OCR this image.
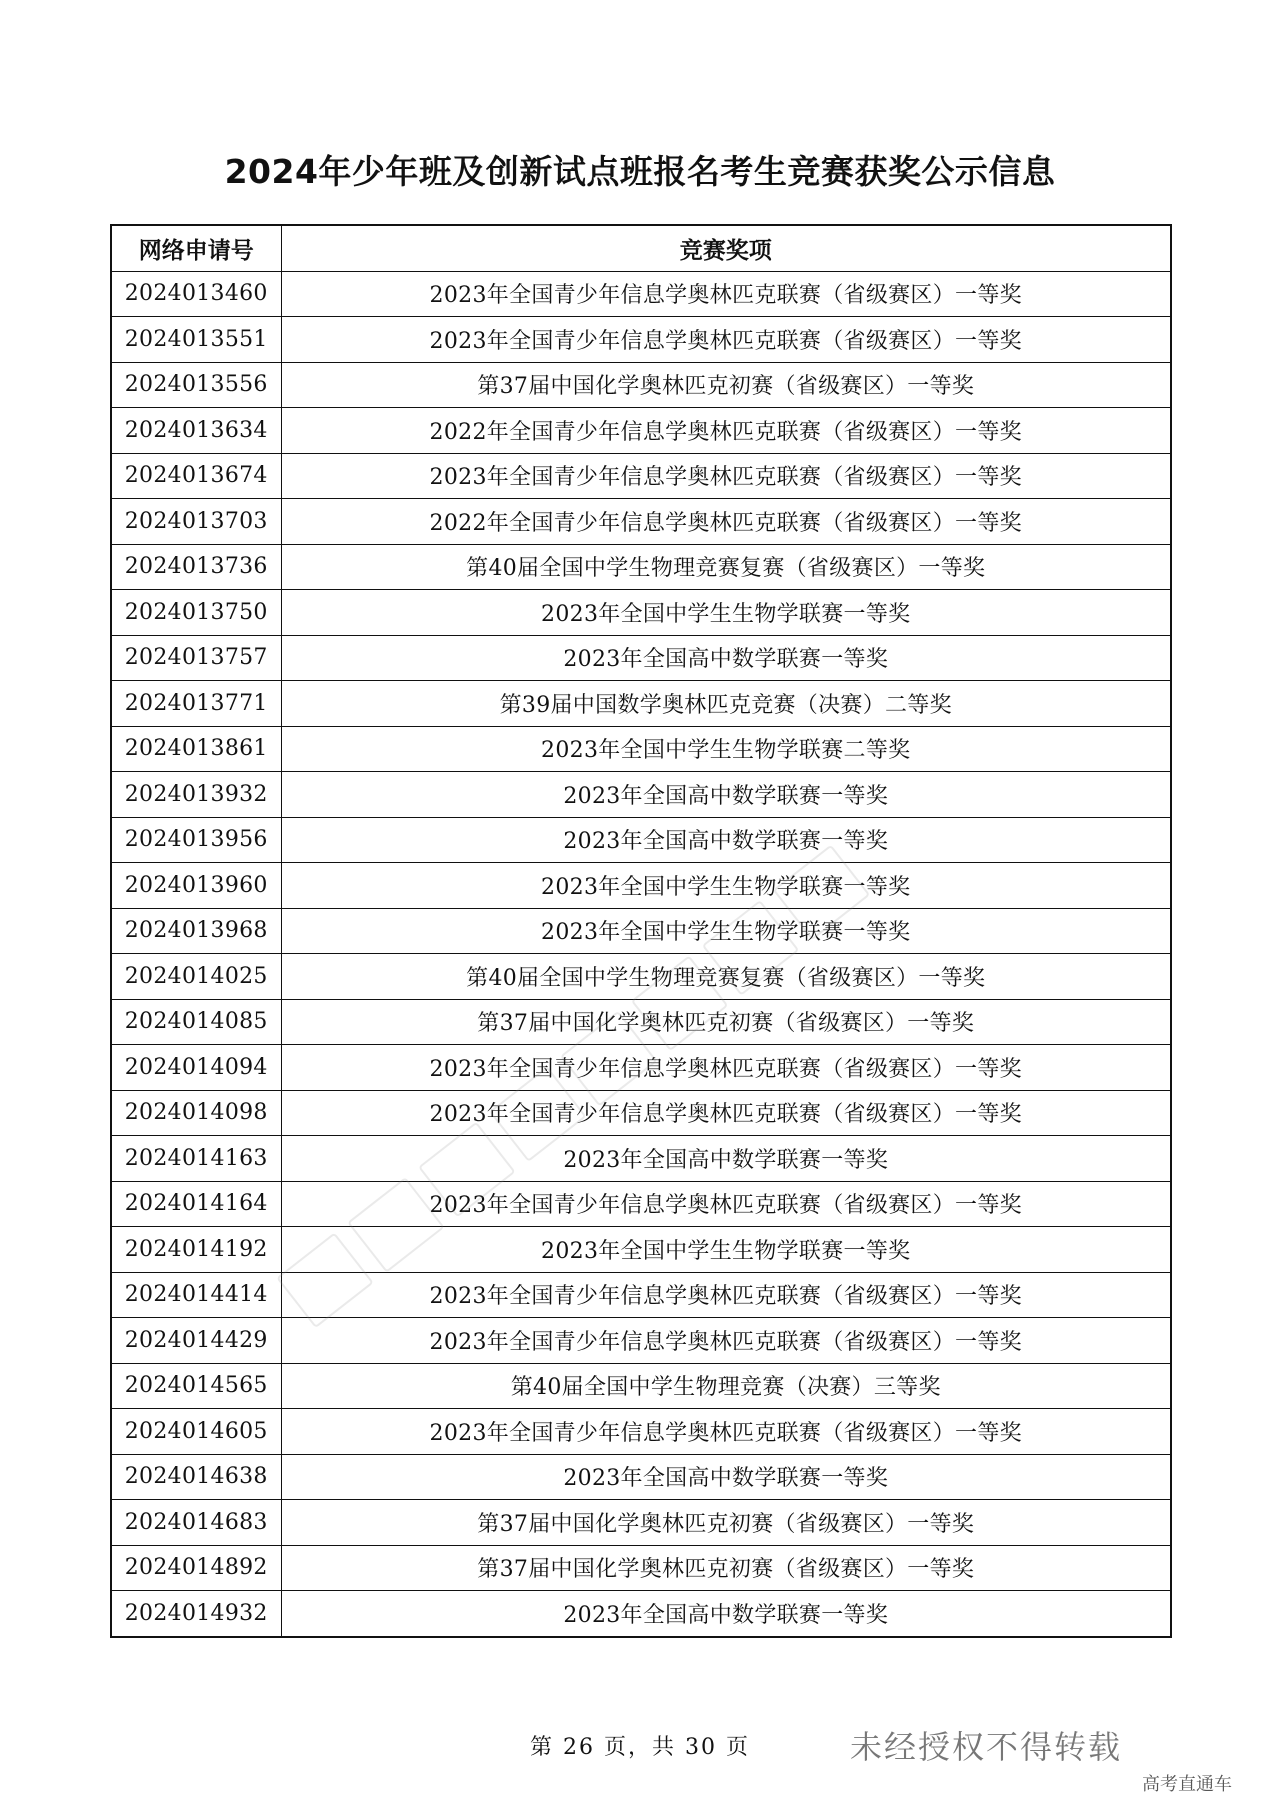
2024年少年班及创新试点班报名考生竞赛获奖公示信息
网络申请号	竞赛奖项
2024013460	2023年全国青少年信息学奥林匹克联赛（省级赛区）一等奖
2024013551	2023年全国青少年信息学奥林匹克联赛（省级赛区）一等奖
2024013556	第37届中国化学奥林匹克初赛（省级赛区）一等奖
2024013634	2022年全国青少年信息学奥林匹克联赛（省级赛区）一等奖
2024013674	2023年全国青少年信息学奥林匹克联赛（省级赛区）一等奖
2024013703	2022年全国青少年信息学奥林匹克联赛（省级赛区）一等奖
2024013736	第40届全国中学生物理竞赛复赛（省级赛区）一等奖
2024013750	2023年全国中学生生物学联赛一等奖
2024013757	2023年全国高中数学联赛一等奖
2024013771	第39届中国数学奥林匹克竞赛（决赛）二等奖
2024013861	2023年全国中学生生物学联赛二等奖
2024013932	2023年全国高中数学联赛一等奖
2024013956	2023年全国高中数学联赛一等奖
2024013960	2023年全国中学生生物学联赛一等奖
2024013968	2023年全国中学生生物学联赛一等奖
2024014025	第40届全国中学生物理竞赛复赛（省级赛区）一等奖
2024014085	第37届中国化学奥林匹克初赛（省级赛区）一等奖
2024014094	2023年全国青少年信息学奥林匹克联赛（省级赛区）一等奖
2024014098	2023年全国青少年信息学奥林匹克联赛（省级赛区）一等奖
2024014163	2023年全国高中数学联赛一等奖
2024014164	2023年全国青少年信息学奥林匹克联赛（省级赛区）一等奖
2024014192	2023年全国中学生生物学联赛一等奖
2024014414	2023年全国青少年信息学奥林匹克联赛（省级赛区）一等奖
2024014429	2023年全国青少年信息学奥林匹克联赛（省级赛区）一等奖
2024014565	第40届全国中学生物理竞赛（决赛）三等奖
2024014605	2023年全国青少年信息学奥林匹克联赛（省级赛区）一等奖
2024014638	2023年全国高中数学联赛一等奖
2024014683	第37届中国化学奥林匹克初赛（省级赛区）一等奖
2024014892	第37届中国化学奥林匹克初赛（省级赛区）一等奖
2024014932	2023年全国高中数学联赛一等奖
第 26 页，共 30 页	未经授权不得转载
高考直通车
